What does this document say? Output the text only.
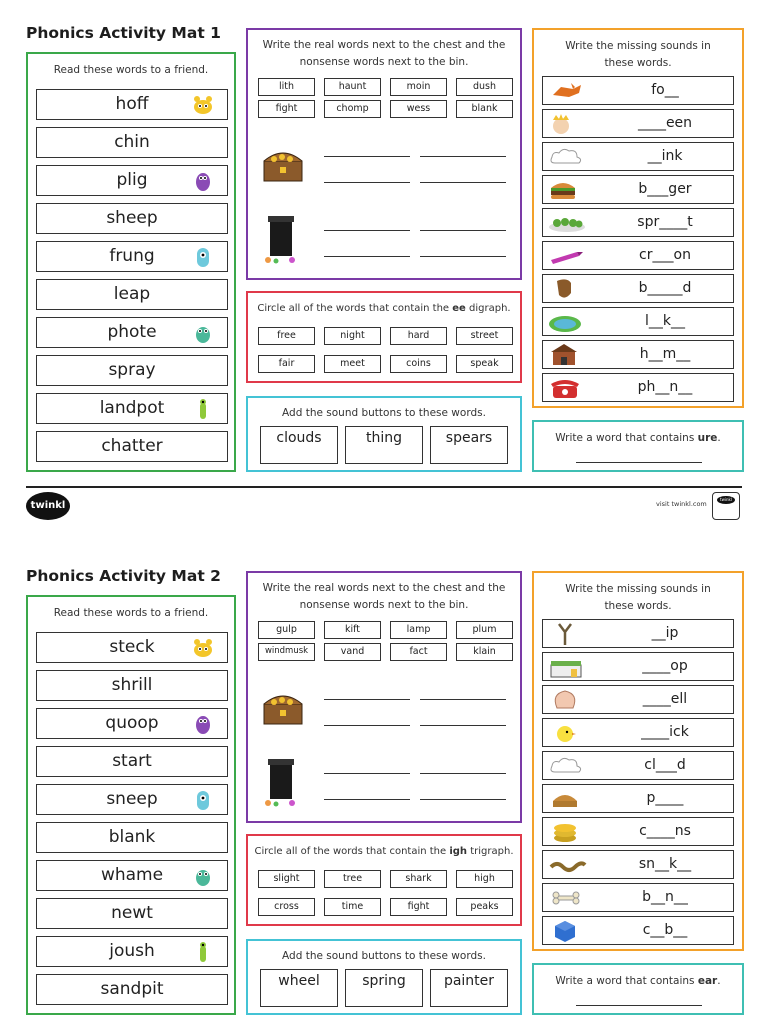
Phonics Activity Mat 1
Read these words to a friend.
hoff
chin
plig
sheep
frung
leap
phote
spray
landpot
chatter
Write the real words next to the chest and the nonsense words next to the bin.
lith	haunt	moin	dush
fight	chomp	wess	blank
Circle all of the words that contain the ee digraph.
free	night	hard	street
fair	meet	coins	speak
Add the sound buttons to these words.
clouds	thing	spears
Write the missing sounds in these words.
fo__
____een
__ink
b___ger
spr____t
cr___on
b_____d
l__k__
h__m__
ph__n__
Write a word that contains ure.
twinkl	visit twinkl.com
twinkl
Phonics Activity Mat 2
Read these words to a friend.
steck
shrill
quoop
start
sneep
blank
whame
newt
joush
sandpit
Write the real words next to the chest and the nonsense words next to the bin.
gulp	kift	lamp	plum
windmusk	vand	fact	klain
Circle all of the words that contain the igh trigraph.
slight	tree	shark	high
cross	time	fight	peaks
Add the sound buttons to these words.
wheel	spring	painter
Write the missing sounds in these words.
__ip
____op
____ell
____ick
cl___d
p____
c____ns
sn__k__
b__n__
c__b__
Write a word that contains ear.
